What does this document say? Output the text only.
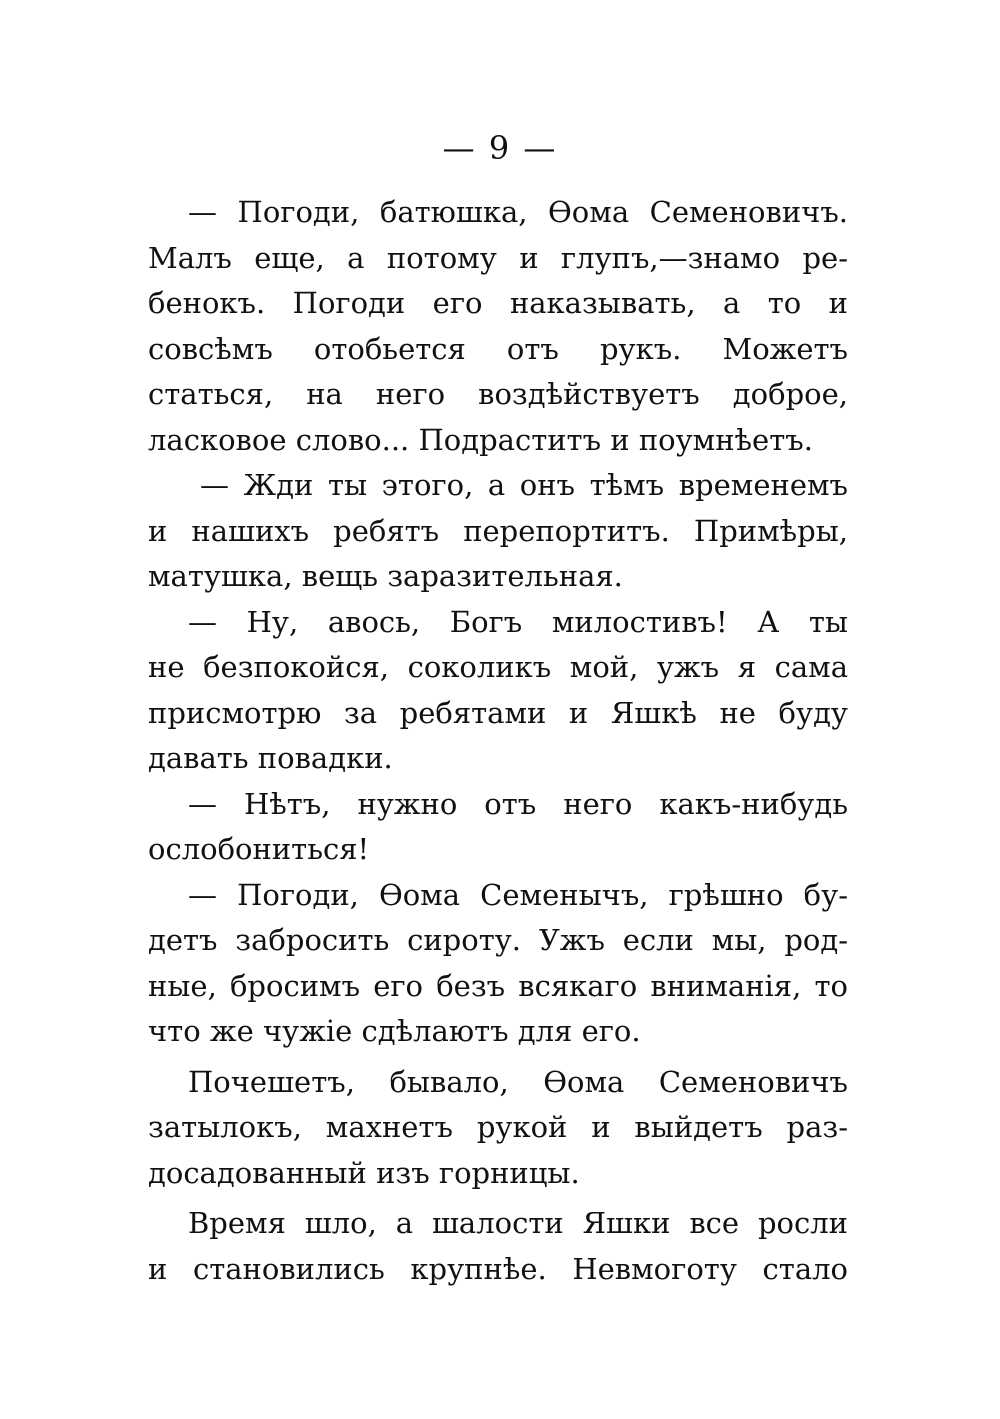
— 9 —
— Погоди, батюшка, Ѳома Семеновичъ.
Малъ еще, а потому и глупъ,—знамо ре-
бенокъ. Погоди его наказывать, а то и
совсѣмъ отобьется отъ рукъ. Можетъ
статься, на него воздѣйствуетъ доброе,
ласковое слово... Подраститъ и поумнѣетъ.
— Жди ты этого, а онъ тѣмъ временемъ
и нашихъ ребятъ перепортитъ. Примѣры,
матушка, вещь заразительная.
— Ну, авось, Богъ милостивъ! А ты
не безпокойся, соколикъ мой, ужъ я сама
присмотрю за ребятами и Яшкѣ не буду
давать повадки.
— Нѣтъ, нужно отъ него какъ-нибудь
ослобониться!
— Погоди, Ѳома Семенычъ, грѣшно бу-
детъ забросить сироту. Ужъ если мы, род-
ные, бросимъ его безъ всякаго вниманія, то
что же чужіе сдѣлаютъ для его.
Почешетъ, бывало, Ѳома Семеновичъ
затылокъ, махнетъ рукой и выйдетъ раз-
досадованный изъ горницы.
Время шло, а шалости Яшки все росли
и становились крупнѣе. Невмоготу стало
